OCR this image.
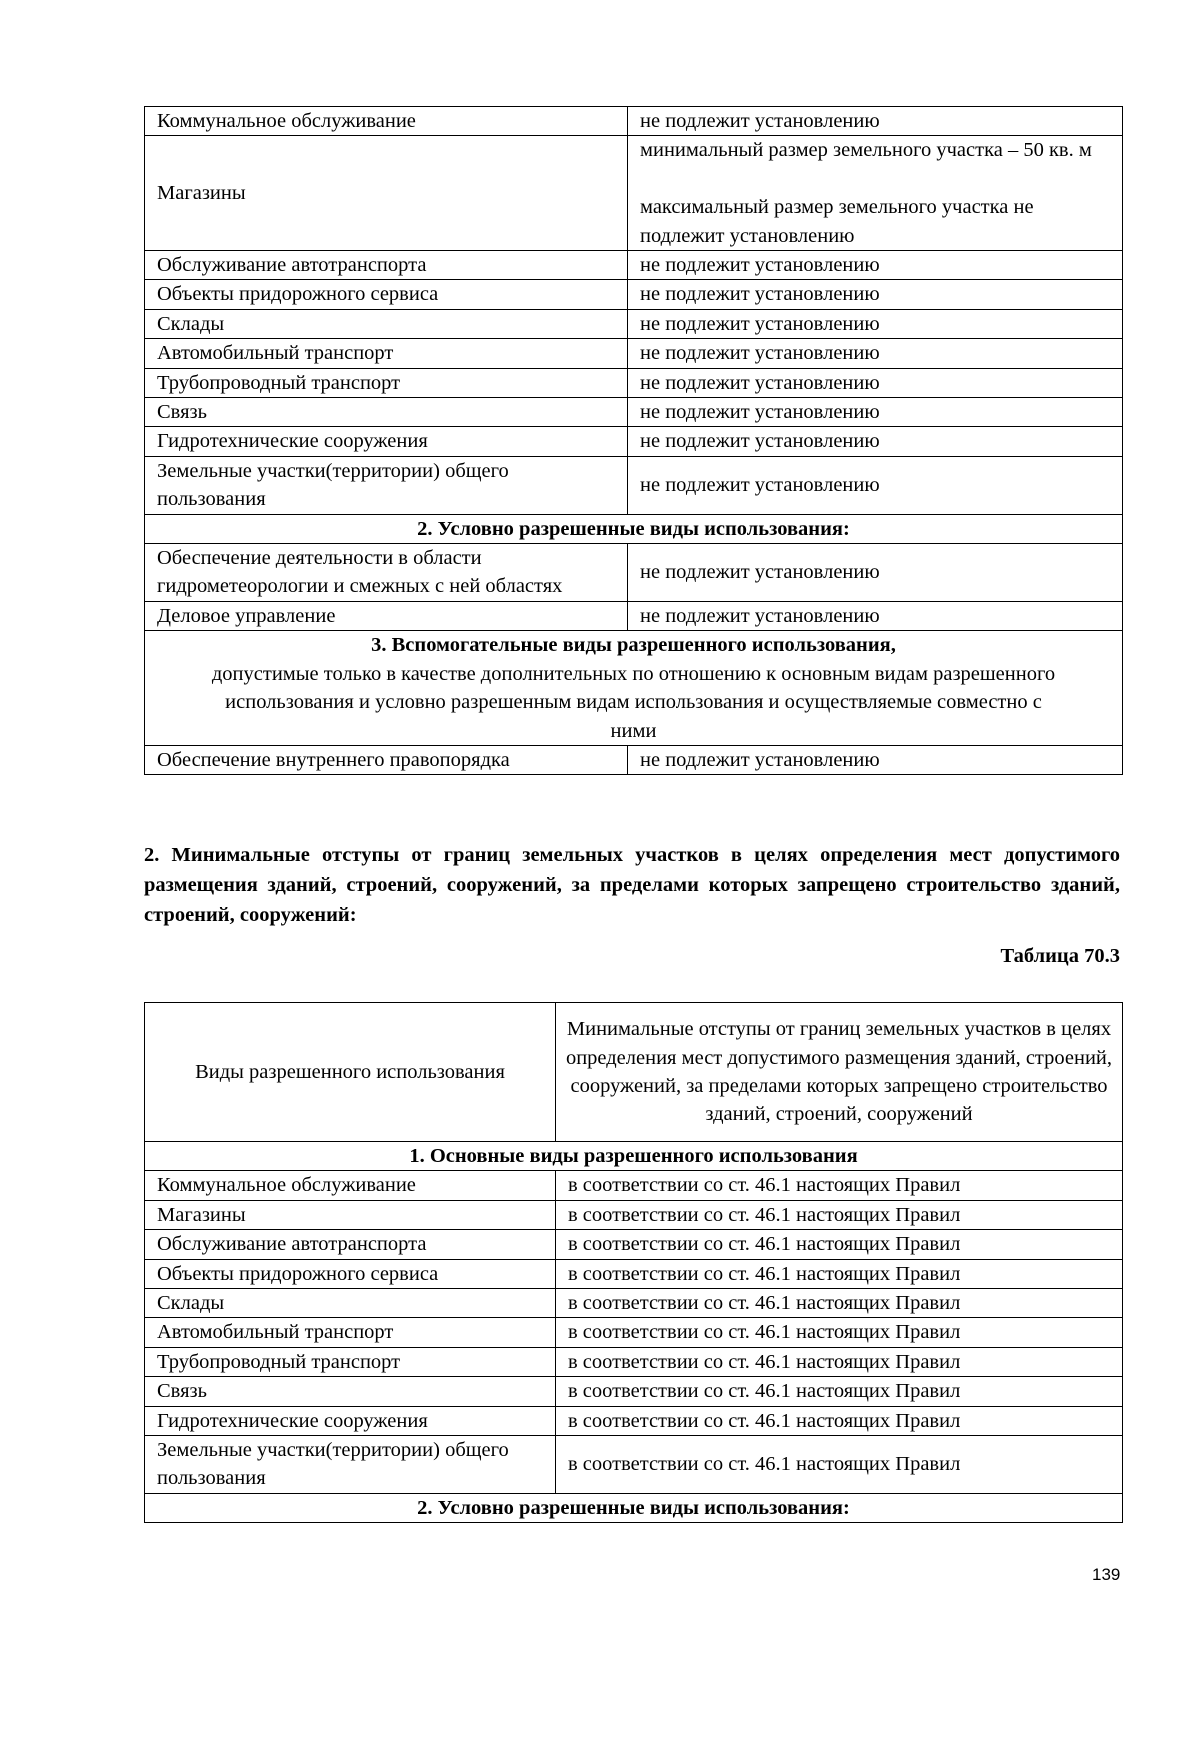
Коммунальное обслуживание	не подлежит установлению
Магазины	минимальный размер земельного участка – 50 кв. м
максимальный размер земельного участка не подлежит установлению
Обслуживание автотранспорта	не подлежит установлению
Объекты придорожного сервиса	не подлежит установлению
Склады	не подлежит установлению
Автомобильный транспорт	не подлежит установлению
Трубопроводный транспорт	не подлежит установлению
Связь	не подлежит установлению
Гидротехнические сооружения	не подлежит установлению
Земельные участки(территории) общего пользования	не подлежит установлению
2. Условно разрешенные виды использования:	
Обеспечение деятельности в области гидрометеорологии и смежных с ней областях	не подлежит установлению
Деловое управление	не подлежит установлению
3. Вспомогательные виды разрешенного использования,
допустимые только в качестве дополнительных по отношению к основным видам разрешенного использования и условно разрешенным видам использования и осуществляемые совместно с ними	

Обеспечение внутреннего правопорядка	не подлежит установлению
2. Минимальные отступы от границ земельных участков в целях определения мест допустимого размещения зданий, строений, сооружений, за пределами которых запрещено строительство зданий, строений, сооружений:
Таблица 70.3
Виды разрешенного использования	Минимальные отступы от границ земельных участков в целях определения мест допустимого размещения зданий, строений, сооружений, за пределами которых запрещено строительство зданий, строений, сооружений
1. Основные виды разрешенного использования	
Коммунальное обслуживание	в соответствии со ст. 46.1 настоящих Правил
Магазины	в соответствии со ст. 46.1 настоящих Правил
Обслуживание автотранспорта	в соответствии со ст. 46.1 настоящих Правил
Объекты придорожного сервиса	в соответствии со ст. 46.1 настоящих Правил
Склады	в соответствии со ст. 46.1 настоящих Правил
Автомобильный транспорт	в соответствии со ст. 46.1 настоящих Правил
Трубопроводный транспорт	в соответствии со ст. 46.1 настоящих Правил
Связь	в соответствии со ст. 46.1 настоящих Правил
Гидротехнические сооружения	в соответствии со ст. 46.1 настоящих Правил
Земельные участки(территории) общего пользования	в соответствии со ст. 46.1 настоящих Правил
2. Условно разрешенные виды использования:	
139
